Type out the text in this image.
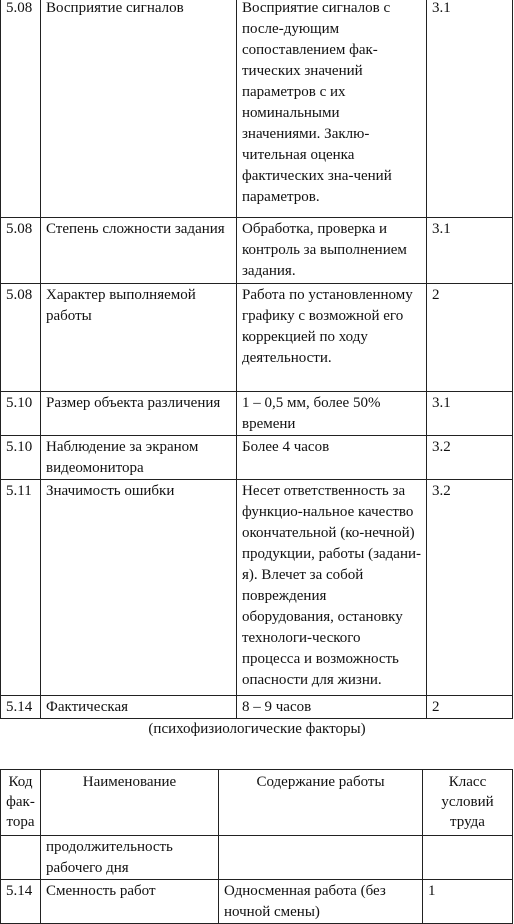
5.08	Восприятие сигналов	Восприятие сигналов с после-дующим сопоставлением фак-тических значений параметров с их номинальными значениями. Заклю-чительная оценка фактических зна-чений параметров.	3.1
5.08	Степень сложности задания	Обработка, проверка и контроль за выполнением задания.	3.1
5.08	Характер выполняемой работы	Работа по установленному графику с возможной его коррекцией по ходу деятельности.	2
5.10	Размер объекта различения	1 – 0,5 мм, более 50% времени	3.1
5.10	Наблюдение за экраном видеомонитора	Более 4 часов	3.2
5.11	Значимость ошибки	Несет ответственность за функцио-нальное качество окончательной (ко-нечной) продукции, работы (задани-я). Влечет за собой повреждения оборудования, остановку технологи-ческого процесса и возможность опасности для жизни.	3.2
5.14	Фактическая	8 – 9 часов	2
(психофизиологические факторы)
Код фак-тора	Наименование	Содержание работы	Класс условий труда
	продолжительность рабочего дня		
5.14	Сменность работ	Односменная работа (без ночной смены)	1
